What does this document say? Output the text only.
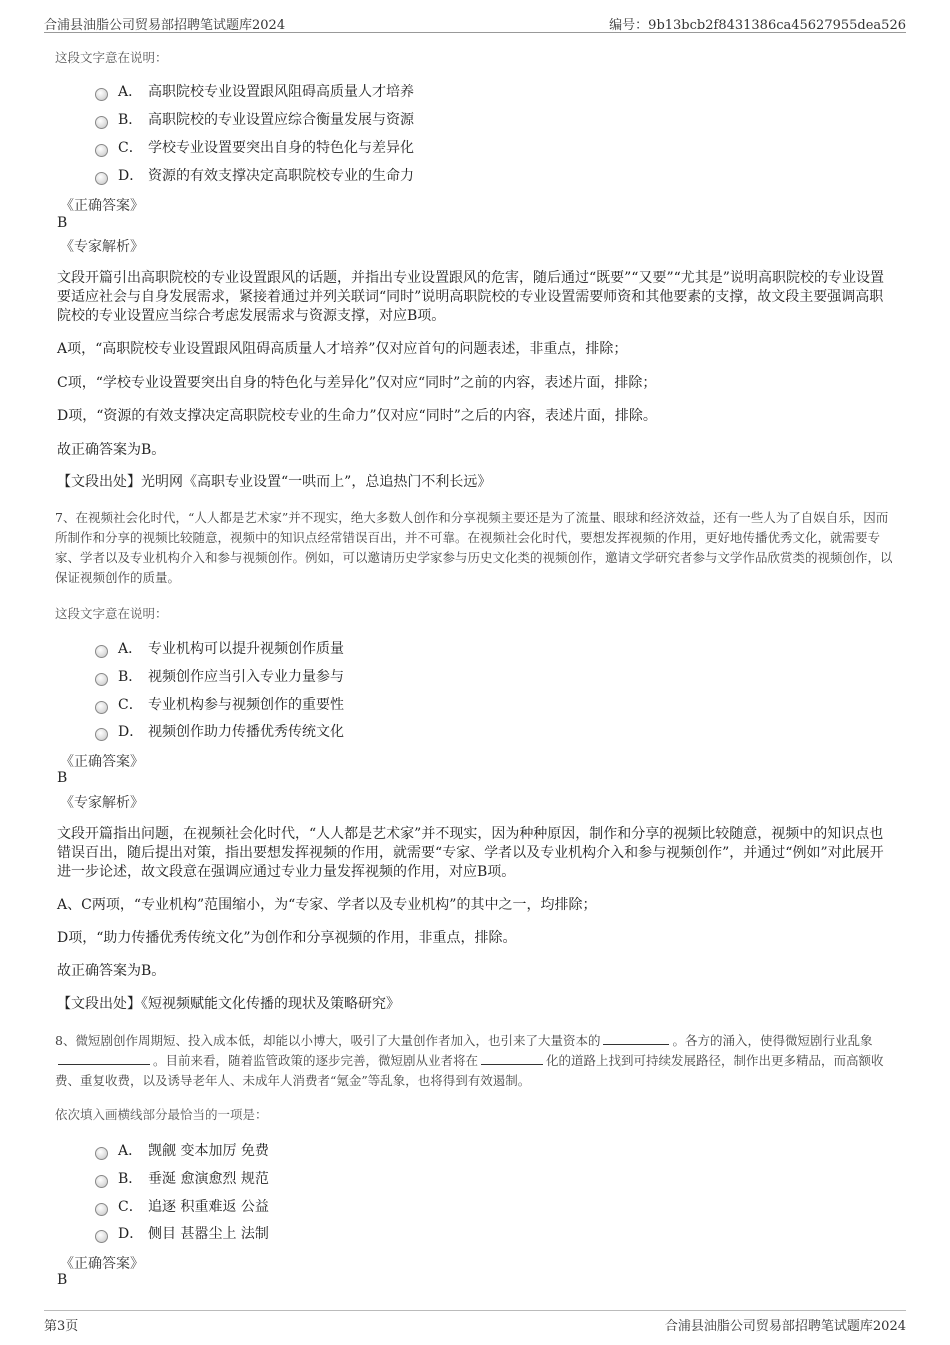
合浦县油脂公司贸易部招聘笔试题库2024	编号：9b13bcb2f8431386ca45627955dea526
这段文字意在说明：
A． 高职院校专业设置跟风阻碍高质量人才培养
B． 高职院校的专业设置应综合衡量发展与资源
C． 学校专业设置要突出自身的特色化与差异化
D． 资源的有效支撑决定高职院校专业的生命力
《正确答案》
B
《专家解析》
文段开篇引出高职院校的专业设置跟风的话题，并指出专业设置跟风的危害，随后通过“既要”“又要”“尤其是”说明高职院校的专业设置要适应社会与自身发展需求，紧接着通过并列关联词“同时”说明高职院校的专业设置需要师资和其他要素的支撑，故文段主要强调高职院校的专业设置应当综合考虑发展需求与资源支撑，对应B项。
A项，“高职院校专业设置跟风阻碍高质量人才培养”仅对应首句的问题表述，非重点，排除；
C项，“学校专业设置要突出自身的特色化与差异化”仅对应“同时”之前的内容，表述片面，排除；
D项，“资源的有效支撑决定高职院校专业的生命力”仅对应“同时”之后的内容，表述片面，排除。
故正确答案为B。
【文段出处】光明网《高职专业设置“一哄而上”，总追热门不利长远》
7、在视频社会化时代，“人人都是艺术家”并不现实，绝大多数人创作和分享视频主要还是为了流量、眼球和经济效益，还有一些人为了自娱自乐，因而所制作和分享的视频比较随意，视频中的知识点经常错误百出，并不可靠。在视频社会化时代，要想发挥视频的作用，更好地传播优秀文化，就需要专家、学者以及专业机构介入和参与视频创作。例如，可以邀请历史学家参与历史文化类的视频创作，邀请文学研究者参与文学作品欣赏类的视频创作，以保证视频创作的质量。
这段文字意在说明：
A． 专业机构可以提升视频创作质量
B． 视频创作应当引入专业力量参与
C． 专业机构参与视频创作的重要性
D． 视频创作助力传播优秀传统文化
《正确答案》
B
《专家解析》
文段开篇指出问题，在视频社会化时代，“人人都是艺术家”并不现实，因为种种原因，制作和分享的视频比较随意，视频中的知识点也错误百出，随后提出对策，指出要想发挥视频的作用，就需要“专家、学者以及专业机构介入和参与视频创作”，并通过“例如”对此展开进一步论述，故文段意在强调应通过专业力量发挥视频的作用，对应B项。
A、C两项，“专业机构”范围缩小，为“专家、学者以及专业机构”的其中之一，均排除；
D项，“助力传播优秀传统文化”为创作和分享视频的作用，非重点，排除。
故正确答案为B。
【文段出处】《短视频赋能文化传播的现状及策略研究》
8、微短剧创作周期短、投入成本低，却能以小博大，吸引了大量创作者加入，也引来了大量资本的	。各方的涌入，使得微短剧行业乱象。目前来看，随着监管政策的逐步完善，微短剧从业者将在	化的道路上找到可持续发展路径，制作出更多精品，而高额收费、重复收费，以及诱导老年人、未成年人消费者“氪金”等乱象，也将得到有效遏制。
依次填入画横线部分最恰当的一项是：
A． 觊觎 变本加厉 免费
B． 垂涎 愈演愈烈 规范
C． 追逐 积重难返 公益
D． 侧目 甚嚣尘上 法制
《正确答案》
B
第3页	合浦县油脂公司贸易部招聘笔试题库2024
